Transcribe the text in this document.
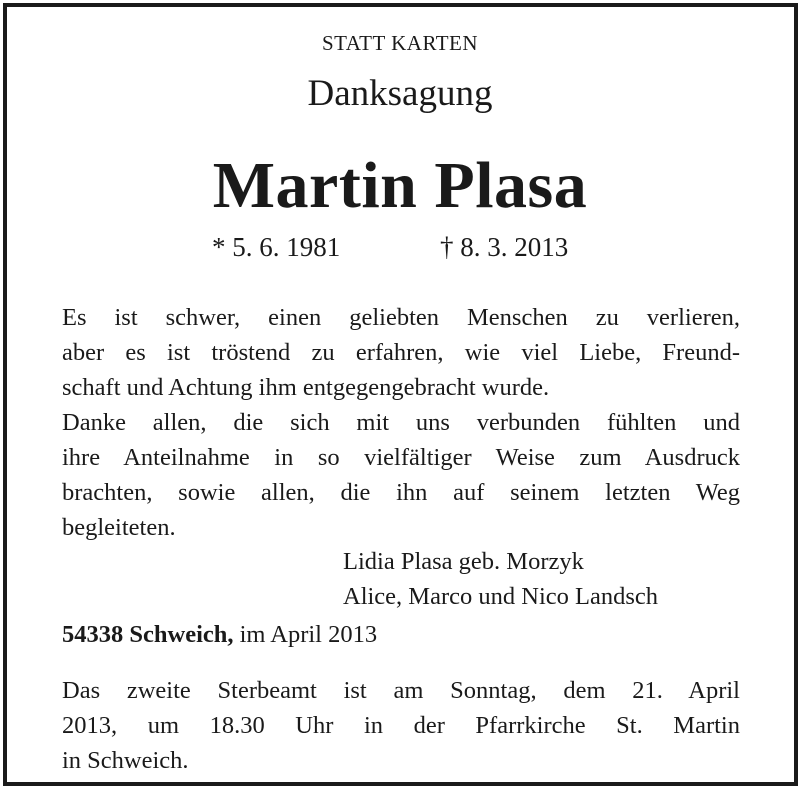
STATT KARTEN
Danksagung
Martin Plasa
* 5. 6. 1981	† 8. 3. 2013
Es ist schwer, einen geliebten Menschen zu verlieren,
aber es ist tröstend zu erfahren, wie viel Liebe, Freund-
schaft und Achtung ihm entgegengebracht wurde.
Danke allen, die sich mit uns verbunden fühlten und
ihre Anteilnahme in so vielfältiger Weise zum Ausdruck
brachten, sowie allen, die ihn auf seinem letzten Weg
begleiteten.
Lidia Plasa geb. Morzyk
Alice, Marco und Nico Landsch
54338 Schweich, im April 2013
Das zweite Sterbeamt ist am Sonntag, dem 21. April
2013, um 18.30 Uhr in der Pfarrkirche St. Martin
in Schweich.
